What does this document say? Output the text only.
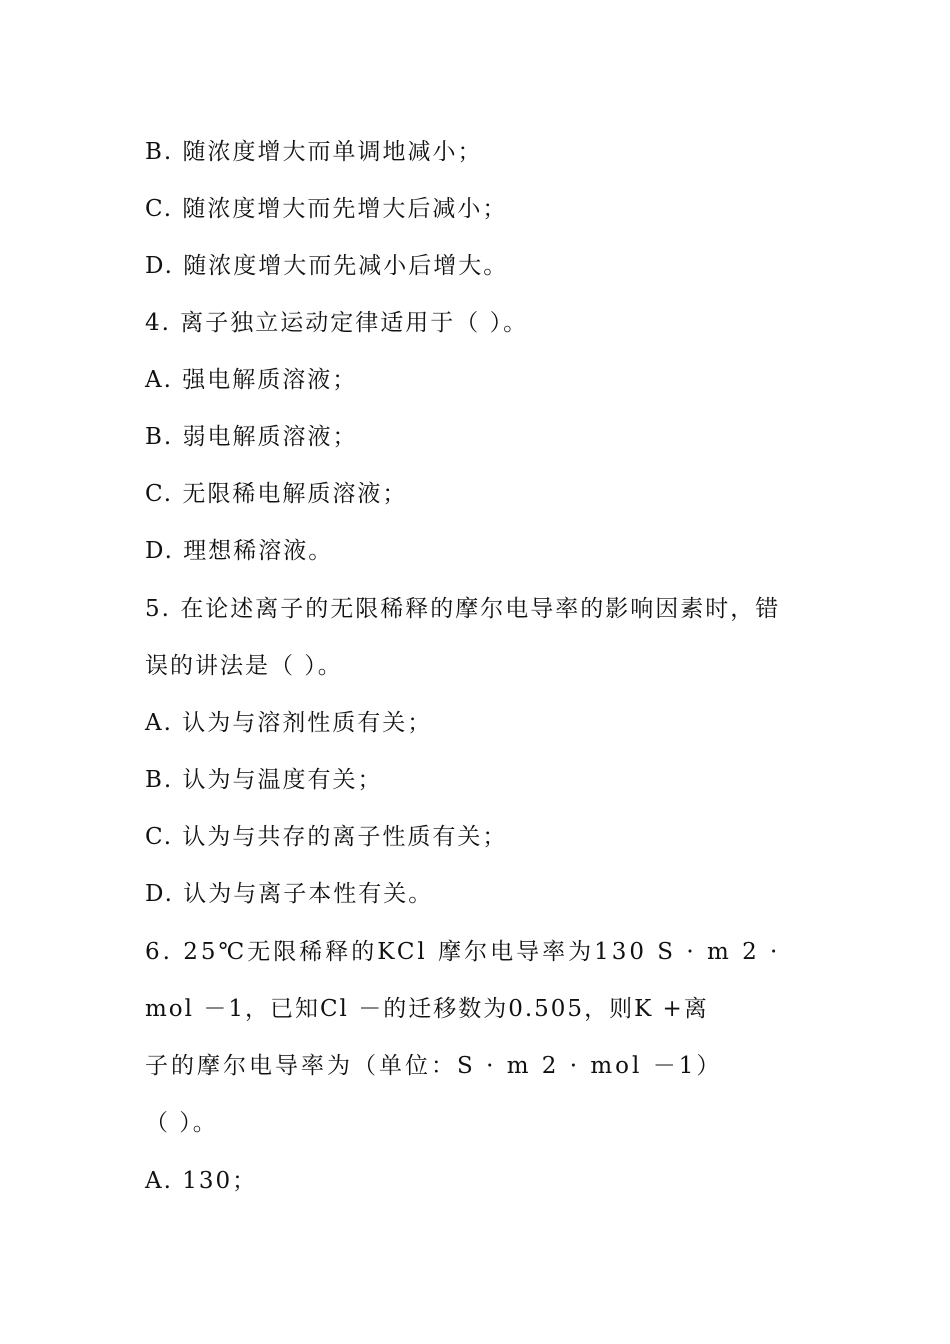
B. 随浓度增大而单调地减小；

C. 随浓度增大而先增大后减小；

D. 随浓度增大而先减小后增大。

4. 离子独立运动定律适用于（ ）。

A. 强电解质溶液；

B. 弱电解质溶液；

C. 无限稀电解质溶液；

D. 理想稀溶液。

5. 在论述离子的无限稀释的摩尔电导率的影响因素时，错

误的讲法是（ ）。

A. 认为与溶剂性质有关；

B. 认为与温度有关；

C. 认为与共存的离子性质有关；

D. 认为与离子本性有关。

6. 25℃无限稀释的KCl 摩尔电导率为130 S · m 2 ·

mol －1，已知Cl －的迁移数为0.505，则K +离

子的摩尔电导率为（单位：S · m 2 · mol －1）

（ ）。

A. 130；
